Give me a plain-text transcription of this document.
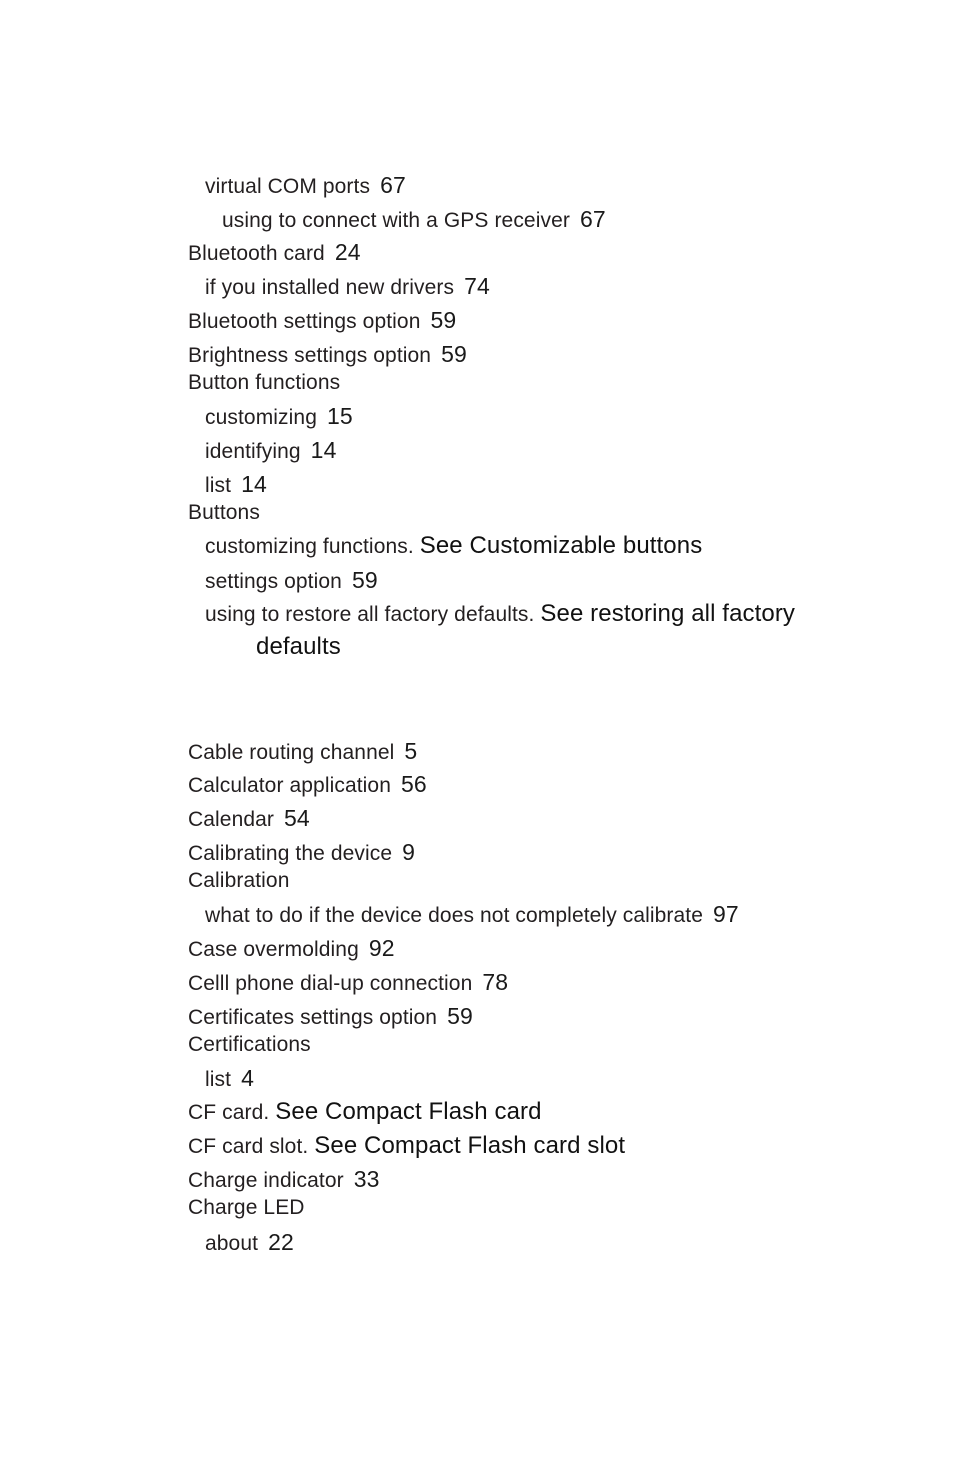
virtual COM ports 67
using to connect with a GPS receiver 67
Bluetooth card 24
if you installed new drivers 74
Bluetooth settings option 59
Brightness settings option 59
Button functions
customizing 15
identifying 14
list 14
Buttons
customizing functions. See Customizable buttons
settings option 59
using to restore all factory defaults. See restoring all factory
defaults
Cable routing channel 5
Calculator application 56
Calendar 54
Calibrating the device 9
Calibration
what to do if the device does not completely calibrate 97
Case overmolding 92
Celll phone dial-up connection 78
Certificates settings option 59
Certifications
list 4
CF card. See Compact Flash card
CF card slot. See Compact Flash card slot
Charge indicator 33
Charge LED
about 22
